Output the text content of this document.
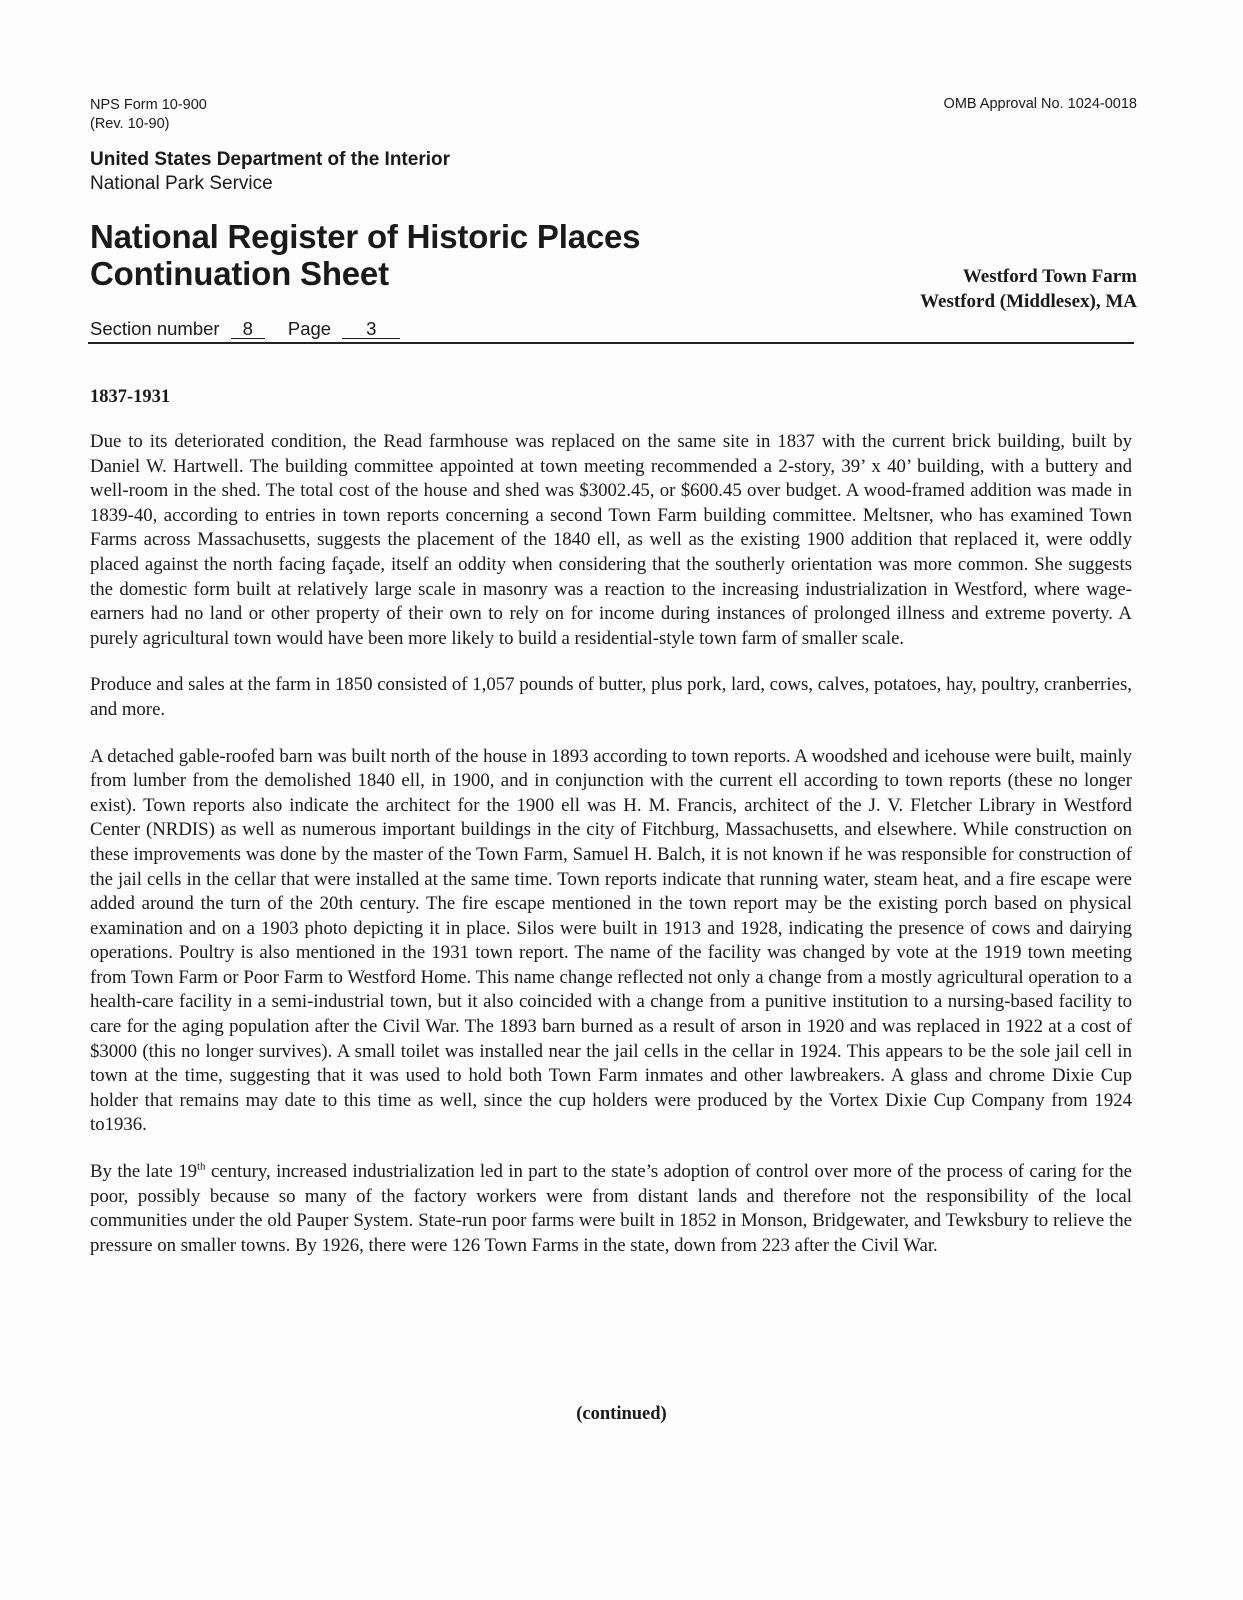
NPS Form 10-900
(Rev. 10-90)
OMB Approval No. 1024-0018
United States Department of the Interior
National Park Service
National Register of Historic Places
Continuation Sheet	Westford Town Farm
Westford (Middlesex), MA
Section number 8 Page 3
1837-1931

Due to its deteriorated condition, the Read farmhouse was replaced on the same site in 1837 with the current brick building, built by Daniel W. Hartwell. The building committee appointed at town meeting recommended a 2-story, 39’ x 40’ building, with a buttery and well-room in the shed. The total cost of the house and shed was $3002.45, or $600.45 over budget. A wood-framed addition was made in 1839-40, according to entries in town reports concerning a second Town Farm building committee. Meltsner, who has examined Town Farms across Massachusetts, suggests the placement of the 1840 ell, as well as the existing 1900 addition that replaced it, were oddly placed against the north facing façade, itself an oddity when considering that the southerly orientation was more common. She suggests the domestic form built at relatively large scale in masonry was a reaction to the increasing industrialization in Westford, where wage-earners had no land or other property of their own to rely on for income during instances of prolonged illness and extreme poverty. A purely agricultural town would have been more likely to build a residential-style town farm of smaller scale.

Produce and sales at the farm in 1850 consisted of 1,057 pounds of butter, plus pork, lard, cows, calves, potatoes, hay, poultry, cranberries, and more.

A detached gable-roofed barn was built north of the house in 1893 according to town reports. A woodshed and icehouse were built, mainly from lumber from the demolished 1840 ell, in 1900, and in conjunction with the current ell according to town reports (these no longer exist). Town reports also indicate the architect for the 1900 ell was H. M. Francis, architect of the J. V. Fletcher Library in Westford Center (NRDIS) as well as numerous important buildings in the city of Fitchburg, Massachusetts, and elsewhere. While construction on these improvements was done by the master of the Town Farm, Samuel H. Balch, it is not known if he was responsible for construction of the jail cells in the cellar that were installed at the same time. Town reports indicate that running water, steam heat, and a fire escape were added around the turn of the 20th century. The fire escape mentioned in the town report may be the existing porch based on physical examination and on a 1903 photo depicting it in place. Silos were built in 1913 and 1928, indicating the presence of cows and dairying operations. Poultry is also mentioned in the 1931 town report. The name of the facility was changed by vote at the 1919 town meeting from Town Farm or Poor Farm to Westford Home. This name change reflected not only a change from a mostly agricultural operation to a health-care facility in a semi-industrial town, but it also coincided with a change from a punitive institution to a nursing-based facility to care for the aging population after the Civil War. The 1893 barn burned as a result of arson in 1920 and was replaced in 1922 at a cost of $3000 (this no longer survives). A small toilet was installed near the jail cells in the cellar in 1924. This appears to be the sole jail cell in town at the time, suggesting that it was used to hold both Town Farm inmates and other lawbreakers. A glass and chrome Dixie Cup holder that remains may date to this time as well, since the cup holders were produced by the Vortex Dixie Cup Company from 1924 to1936.

By the late 19th century, increased industrialization led in part to the state’s adoption of control over more of the process of caring for the poor, possibly because so many of the factory workers were from distant lands and therefore not the responsibility of the local communities under the old Pauper System. State-run poor farms were built in 1852 in Monson, Bridgewater, and Tewksbury to relieve the pressure on smaller towns. By 1926, there were 126 Town Farms in the state, down from 223 after the Civil War.

(continued)
